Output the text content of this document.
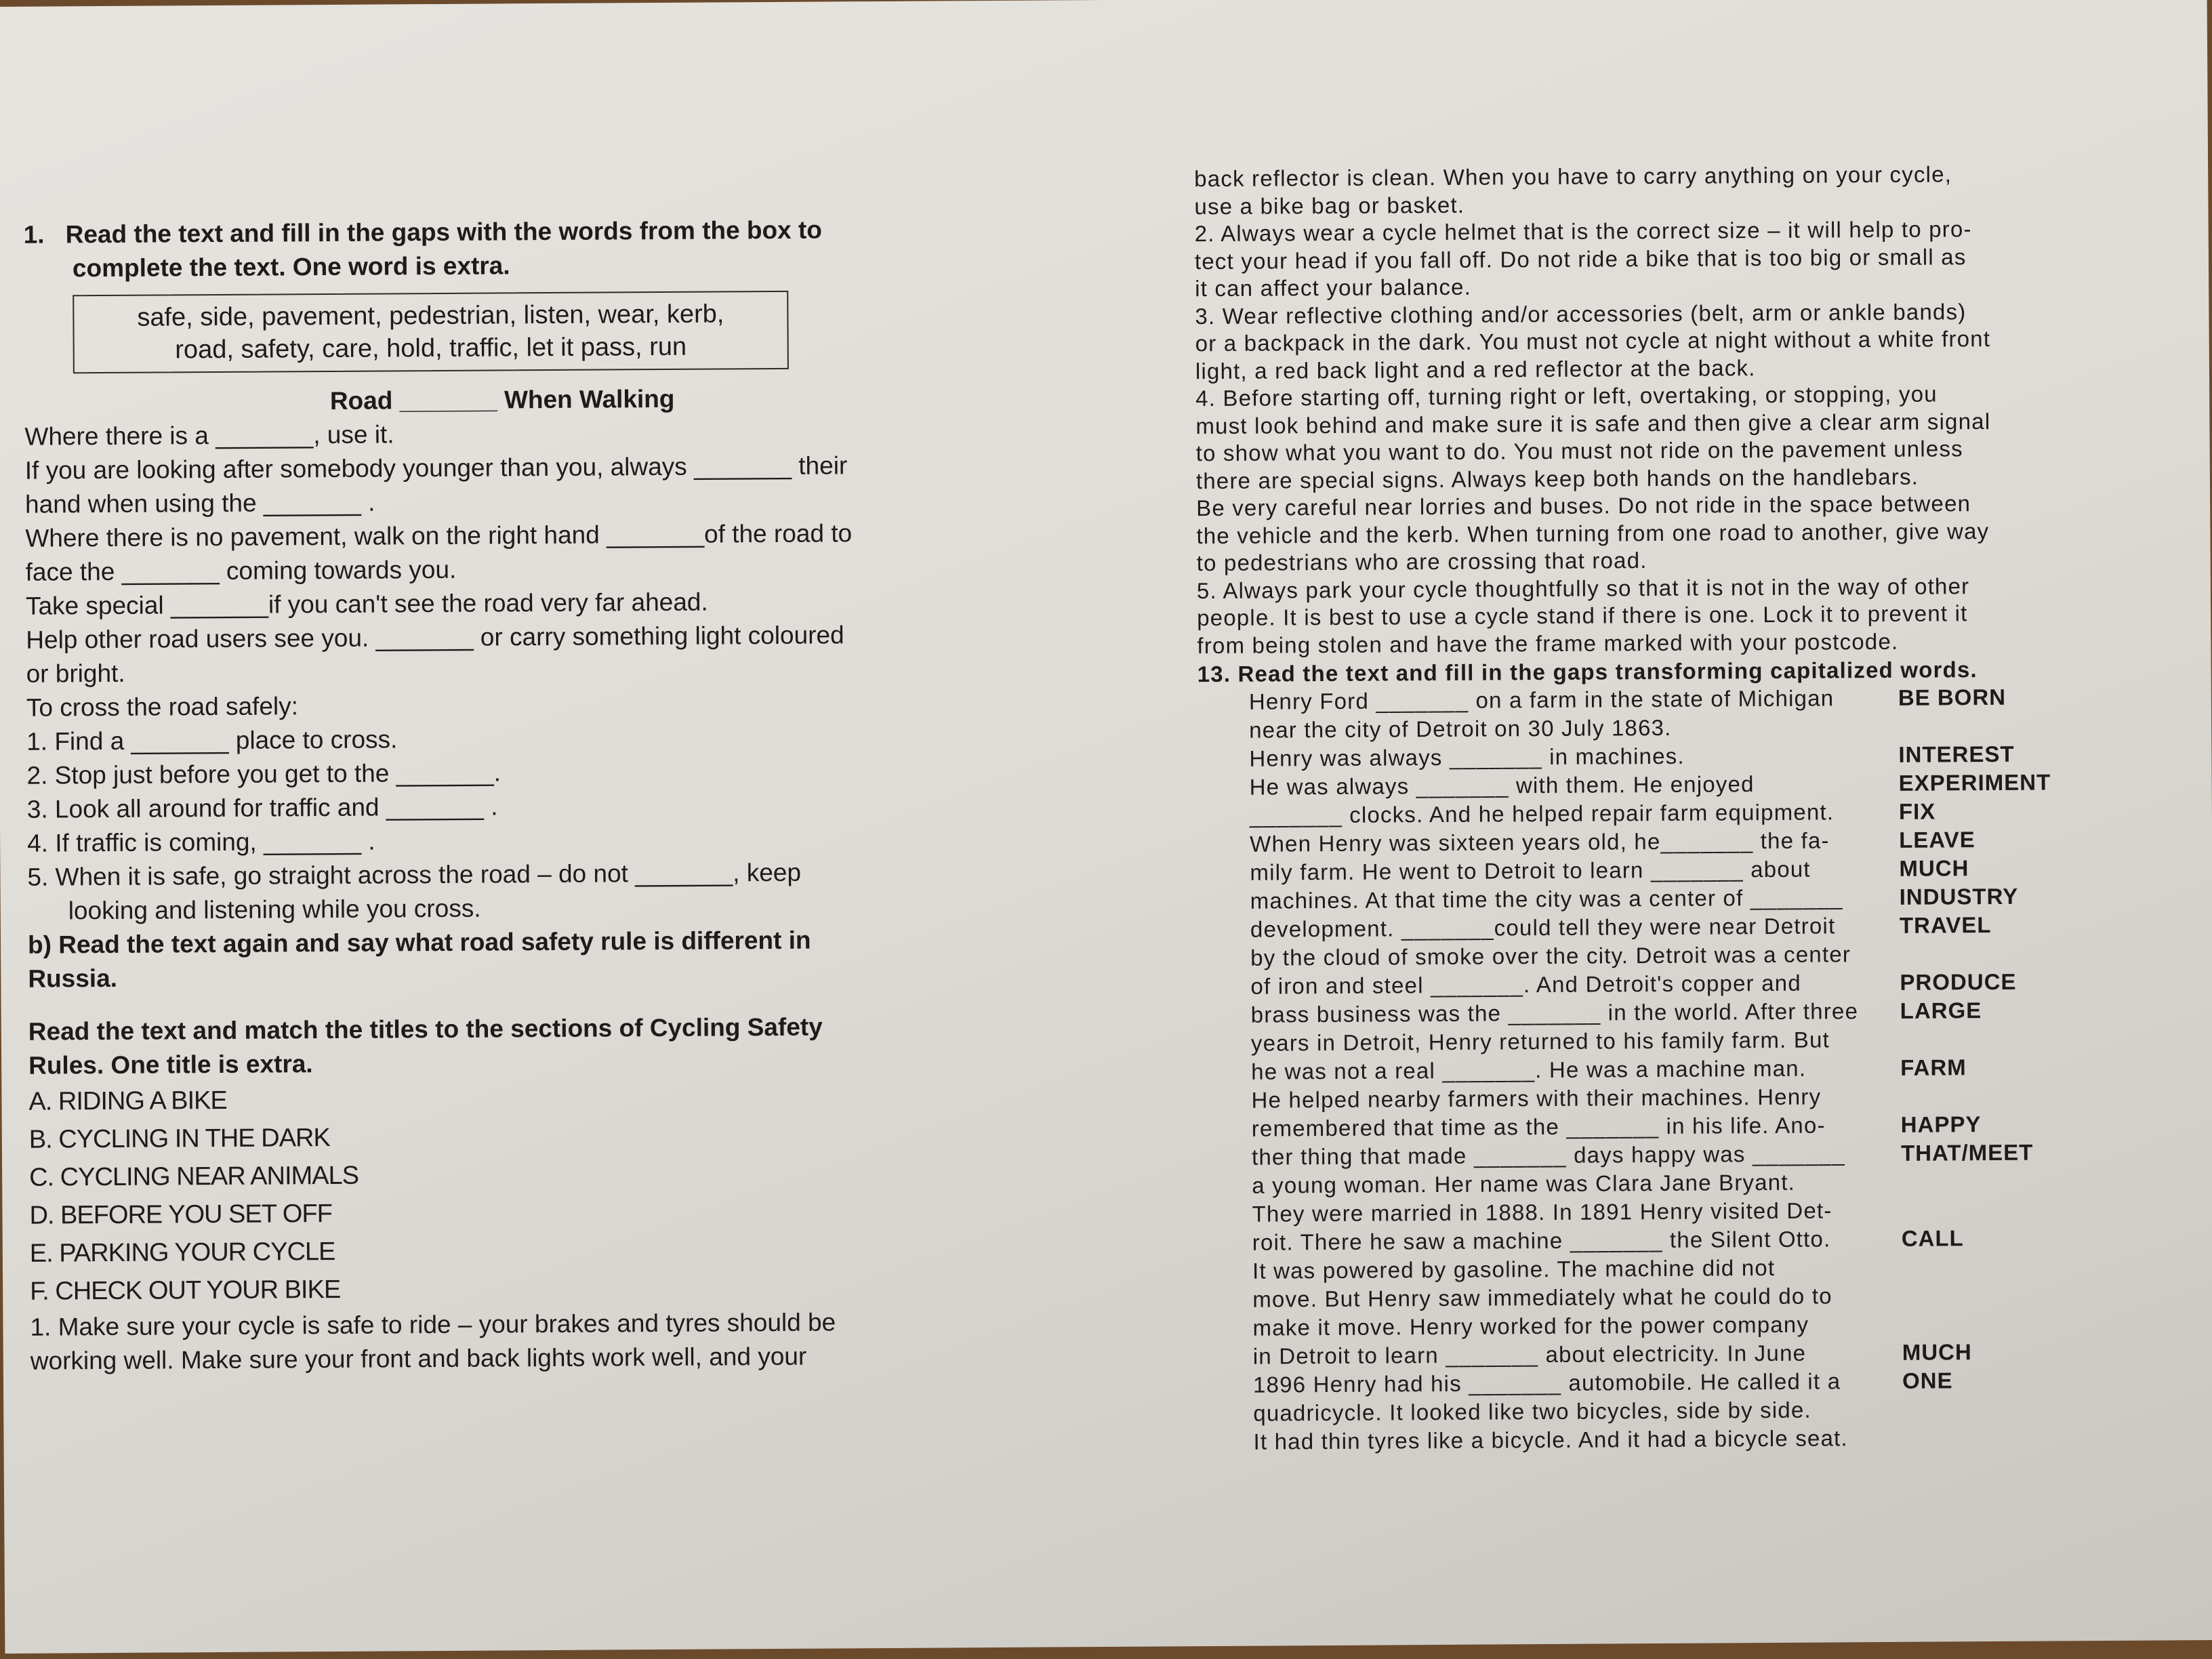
1. Read the text and fill in the gaps with the words from the box to
complete the text. One word is extra.
safe, side, pavement, pedestrian, listen, wear, kerb,
road, safety, care, hold, traffic, let it pass, run
Road _______ When Walking
Where there is a _______, use it.
If you are looking after somebody younger than you, always _______ their
hand when using the _______ .
Where there is no pavement, walk on the right hand _______of the road to
face the _______ coming towards you.
Take special _______if you can't see the road very far ahead.
Help other road users see you. _______ or carry something light coloured
or bright.
To cross the road safely:
1. Find a _______ place to cross.
2. Stop just before you get to the _______.
3. Look all around for traffic and _______ .
4. If traffic is coming, _______ .
5. When it is safe, go straight across the road – do not _______, keep
looking and listening while you cross.
b) Read the text again and say what road safety rule is different in
Russia.
Read the text and match the titles to the sections of Cycling Safety
Rules. One title is extra.
A. RIDING A BIKE
B. CYCLING IN THE DARK
C. CYCLING NEAR ANIMALS
D. BEFORE YOU SET OFF
E. PARKING YOUR CYCLE
F. CHECK OUT YOUR BIKE
1. Make sure your cycle is safe to ride – your brakes and tyres should be
working well. Make sure your front and back lights work well, and your
back reflector is clean. When you have to carry anything on your cycle,
use a bike bag or basket.
2. Always wear a cycle helmet that is the correct size – it will help to pro-
tect your head if you fall off. Do not ride a bike that is too big or small as
it can affect your balance.
3. Wear reflective clothing and/or accessories (belt, arm or ankle bands)
or a backpack in the dark. You must not cycle at night without a white front
light, a red back light and a red reflector at the back.
4. Before starting off, turning right or left, overtaking, or stopping, you
must look behind and make sure it is safe and then give a clear arm signal
to show what you want to do. You must not ride on the pavement unless
there are special signs. Always keep both hands on the handlebars.
Be very careful near lorries and buses. Do not ride in the space between
the vehicle and the kerb. When turning from one road to another, give way
to pedestrians who are crossing that road.
5. Always park your cycle thoughtfully so that it is not in the way of other
people. It is best to use a cycle stand if there is one. Lock it to prevent it
from being stolen and have the frame marked with your postcode.
13. Read the text and fill in the gaps transforming capitalized words.
Henry Ford _______ on a farm in the state of Michigan	BE BORN
near the city of Detroit on 30 July 1863.
Henry was always _______ in machines.	INTEREST
He was always _______ with them. He enjoyed	EXPERIMENT
_______ clocks. And he helped repair farm equipment.	FIX
When Henry was sixteen years old, he_______ the fa-	LEAVE
mily farm. He went to Detroit to learn _______ about	MUCH
machines. At that time the city was a center of _______	INDUSTRY
development. _______could tell they were near Detroit	TRAVEL
by the cloud of smoke over the city. Detroit was a center
of iron and steel _______. And Detroit's copper and	PRODUCE
brass business was the _______ in the world. After three LARGE
years in Detroit, Henry returned to his family farm. But
he was not a real _______. He was a machine man.	FARM
He helped nearby farmers with their machines. Henry
remembered that time as the _______ in his life. Ano-	HAPPY
ther thing that made _______ days happy was _______ THAT/MEET
a young woman. Her name was Clara Jane Bryant.
They were married in 1888. In 1891 Henry visited Det-
roit. There he saw a machine _______ the Silent Otto.	CALL
It was powered by gasoline. The machine did not
move. But Henry saw immediately what he could do to
make it move. Henry worked for the power company
in Detroit to learn _______ about electricity. In June	MUCH
1896 Henry had his _______ automobile. He called it a	ONE
quadricycle. It looked like two bicycles, side by side.
It had thin tyres like a bicycle. And it had a bicycle seat.
